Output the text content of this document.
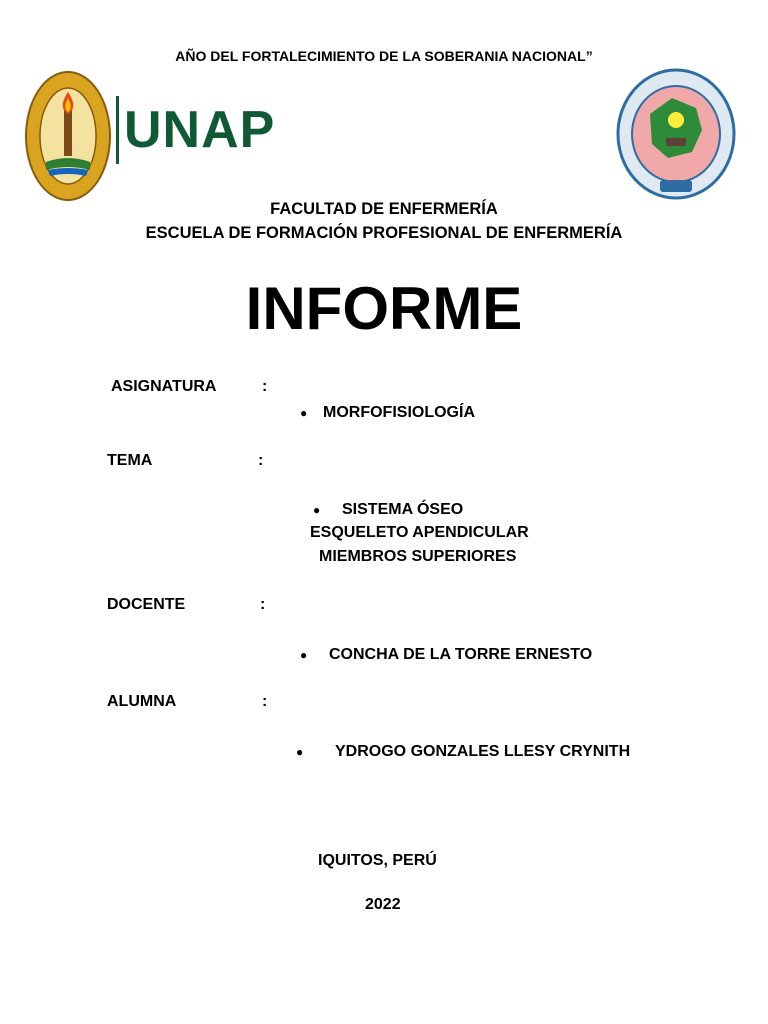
AÑO DEL FORTALECIMIENTO DE LA SOBERANIA NACIONAL”
UNAP
FACULTAD DE ENFERMERÍA
ESCUELA DE FORMACIÓN PROFESIONAL DE ENFERMERÍA
INFORME
ASIGNATURA	:
● MORFOFISIOLOGÍA
TEMA	:
● SISTEMA ÓSEO
ESQUELETO APENDICULAR
MIEMBROS SUPERIORES
DOCENTE	:
● CONCHA DE LA TORRE ERNESTO
ALUMNA	:
● YDROGO GONZALES LLESY CRYNITH
IQUITOS, PERÚ
2022
